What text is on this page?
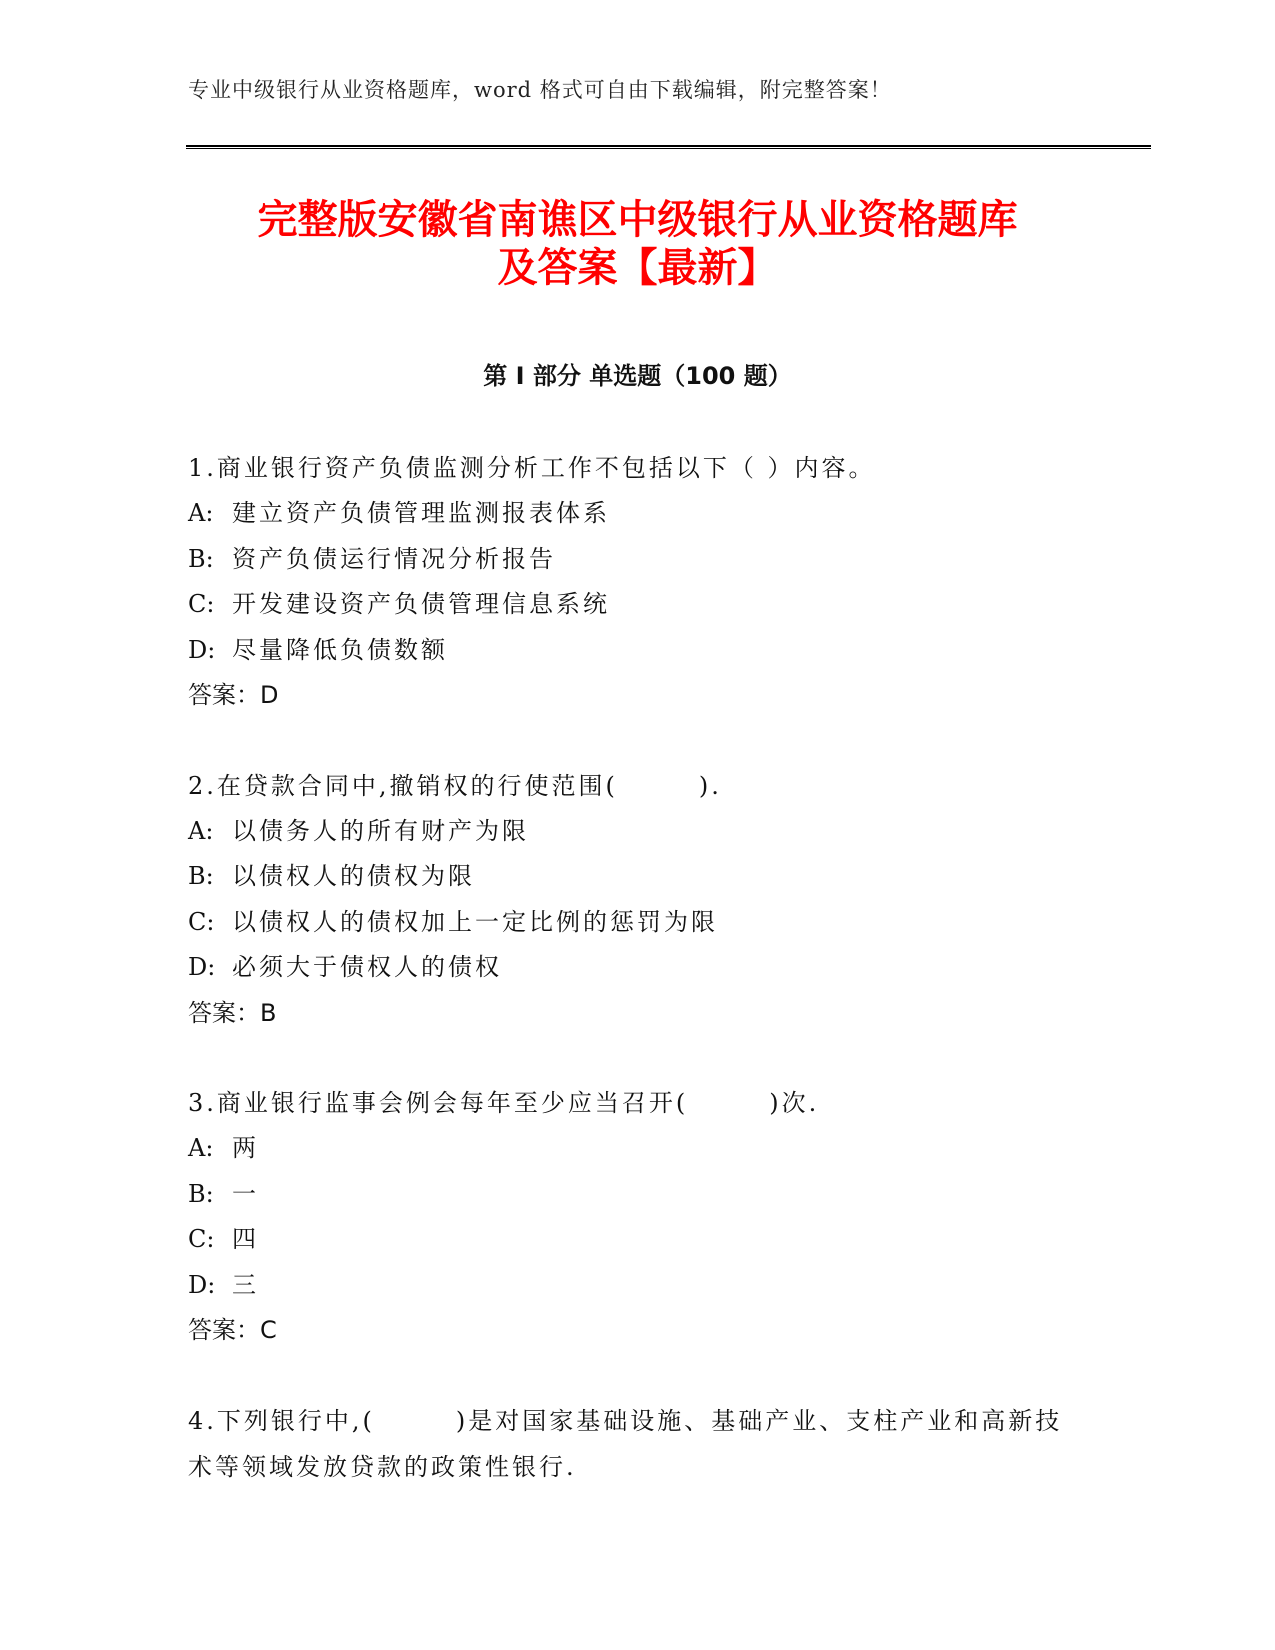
专业中级银行从业资格题库，word 格式可自由下载编辑，附完整答案！
完整版安徽省南谯区中级银行从业资格题库
及答案【最新】
第 I 部分 单选题（100 题）

1.商业银行资产负债监测分析工作不包括以下（ ）内容。

A: 建立资产负债管理监测报表体系

B: 资产负债运行情况分析报告

C: 开发建设资产负债管理信息系统

D: 尽量降低负债数额

答案：D

2.在贷款合同中,撤销权的行使范围(　　　).

A: 以债务人的所有财产为限

B: 以债权人的债权为限

C: 以债权人的债权加上一定比例的惩罚为限

D: 必须大于债权人的债权

答案：B

3.商业银行监事会例会每年至少应当召开(　　　)次.

A: 两

B: 一

C: 四

D: 三

答案：C

4.下列银行中,(　　　)是对国家基础设施、基础产业、支柱产业和高新技术等领域发放贷款的政策性银行.
